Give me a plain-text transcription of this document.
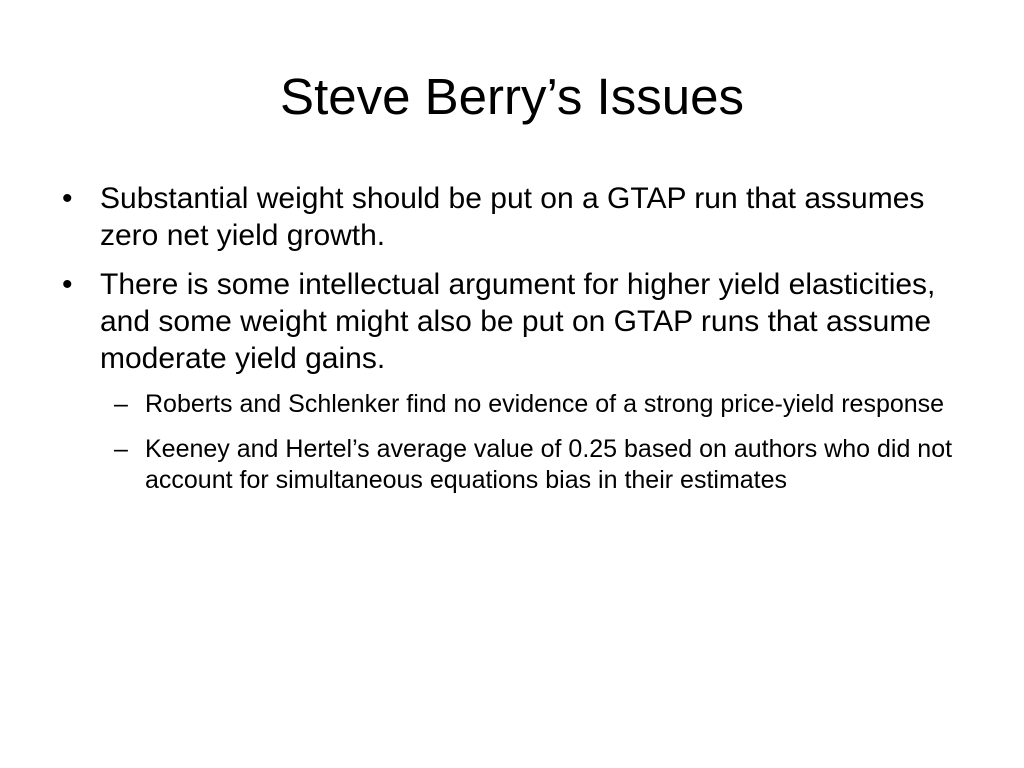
Steve Berry’s Issues
• Substantial weight should be put on a GTAP run that assumes zero net yield growth.
• There is some intellectual argument for higher yield elasticities, and some weight might also be put on GTAP runs that assume moderate yield gains.
– Roberts and Schlenker find no evidence of a strong price-yield response
– Keeney and Hertel’s average value of 0.25 based on authors who did not account for simultaneous equations bias in their estimates
